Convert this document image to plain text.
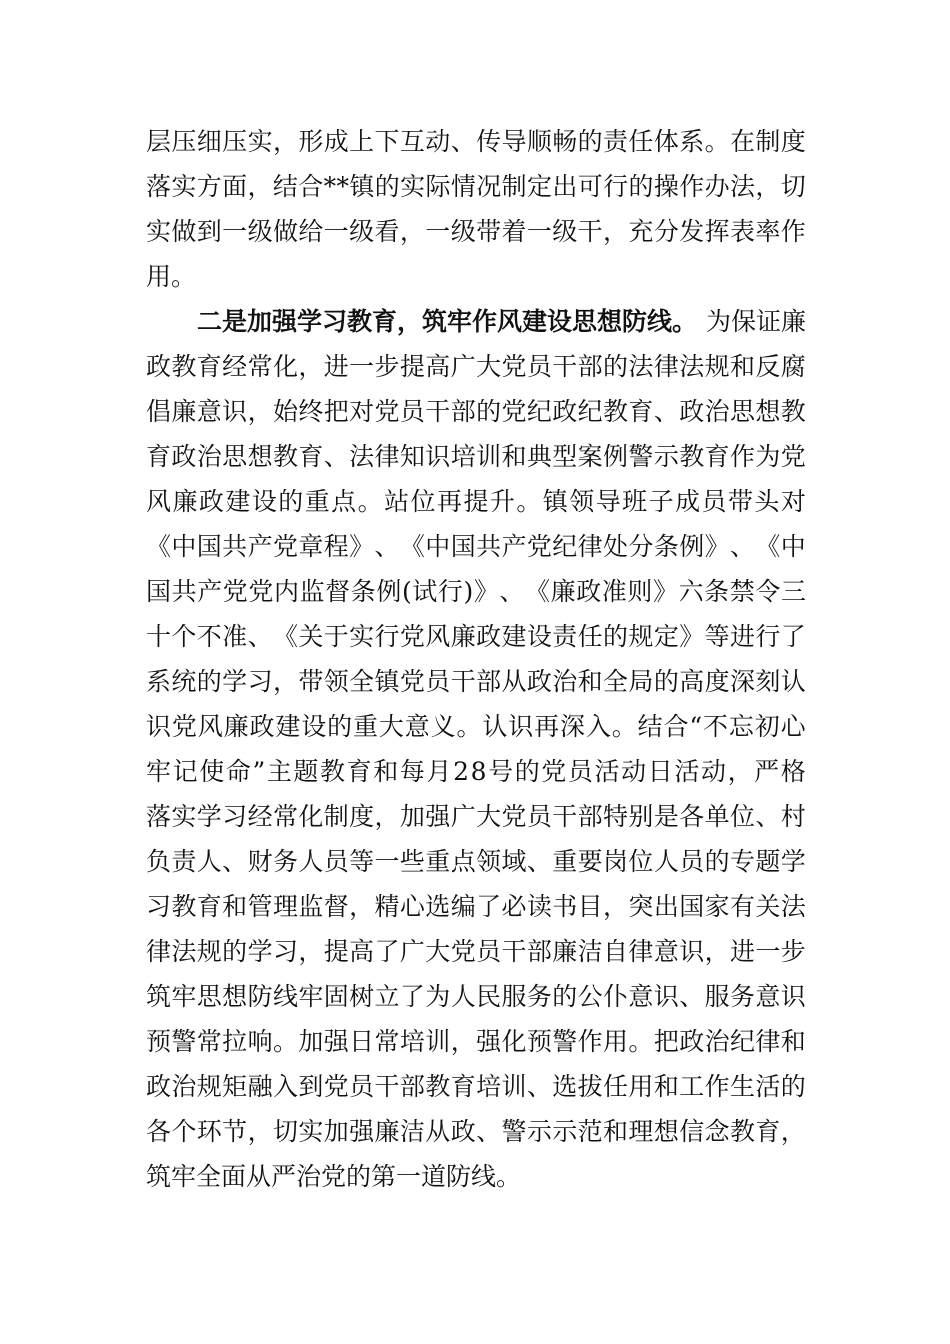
层 压 细 压 实 ， 形 成 上 下 互 动 、 传 导 顺 畅 的 责 任 体 系 。 在 制 度
落 实 方 面 ， 结 合 * * 镇 的 实 际 情 况 制 定 出 可 行 的 操 作 办 法 ， 切
实 做 到 一 级 做 给 一 级 看 ， 一 级 带 着 一 级 干 ， 充 分 发 挥 表 率 作
用。
二是加强学习教育，筑牢作风建设思想防线。 为保证廉
政 教 育 经 常 化 ， 进 一 步 提 高 广 大 党 员 干 部 的 法 律 法 规 和 反 腐
倡 廉 意 识 ， 始 终 把 对 党 员 干 部 的 党 纪 政 纪 教 育 、 政 治 思 想 教
育 政 治 思 想 教 育 、 法 律 知 识 培 训 和 典 型 案 例 警 示 教 育 作 为 党
风 廉 政 建 设 的 重 点 。 站 位 再 提 升 。 镇 领 导 班 子 成 员 带 头 对
《 中 国 共 产 党 章 程 》 、 《 中 国 共 产 党 纪 律 处 分 条 例 》 、 《 中
国 共 产 党 党 内 监 督 条 例 ( 试 行 ) 》 、 《 廉 政 准 则 》 六 条 禁 令 三
十 个 不 准 、 《 关 于 实 行 党 风 廉 政 建 设 责 任 的 规 定 》 等 进 行 了
系 统 的 学 习 ， 带 领 全 镇 党 员 干 部 从 政 治 和 全 局 的 高 度 深 刻 认
识 党 风 廉 政 建 设 的 重 大 意 义 。 认 识 再 深 入 。 结 合 “ 不 忘 初 心
牢 记 使 命 ” 主 题 教 育 和 每 月 2 8 号 的 党 员 活 动 日 活 动 ， 严 格
落 实 学 习 经 常 化 制 度 ， 加 强 广 大 党 员 干 部 特 别 是 各 单 位 、 村
负 责 人 、 财 务 人 员 等 一 些 重 点 领 域 、 重 要 岗 位 人 员 的 专 题 学
习 教 育 和 管 理 监 督 ， 精 心 选 编 了 必 读 书 目 ， 突 出 国 家 有 关 法
律 法 规 的 学 习 ， 提 高 了 广 大 党 员 干 部 廉 洁 自 律 意 识 ， 进 一 步
筑 牢 思 想 防 线 牢 固 树 立 了 为 人 民 服 务 的 公 仆 意 识 、 服 务 意 识
预 警 常 拉 响 。 加 强 日 常 培 训 ， 强 化 预 警 作 用 。 把 政 治 纪 律 和
政 治 规 矩 融 入 到 党 员 干 部 教 育 培 训 、 选 拔 任 用 和 工 作 生 活 的
各 个 环 节 ， 切 实 加 强 廉 洁 从 政 、 警 示 示 范 和 理 想 信 念 教 育 ，
筑牢全面从严治党的第一道防线。
